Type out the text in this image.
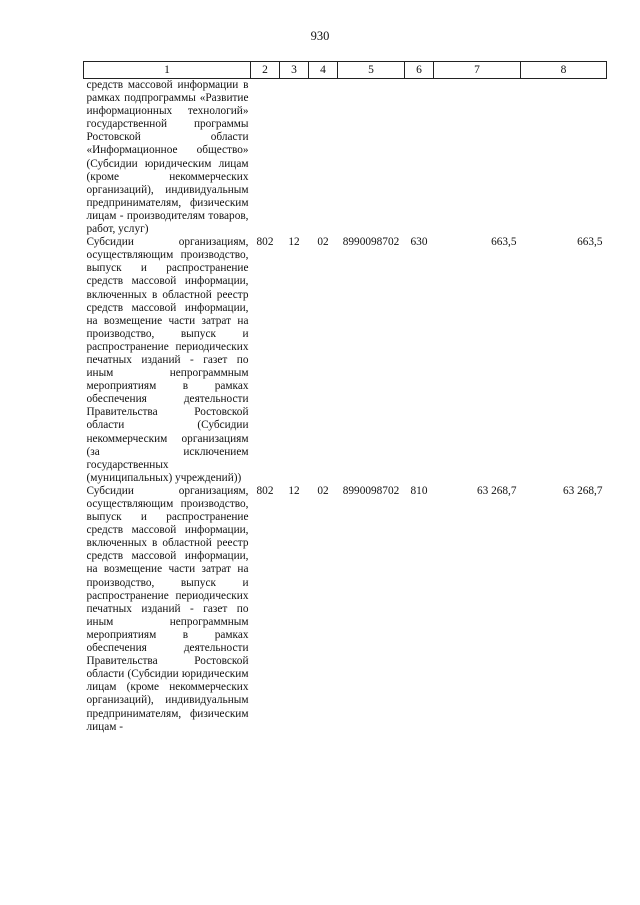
930
1	2	3	4	5	6	7	8
средств массовой информации в рамках подпрограммы «Развитие информационных технологий» государственной программы Ростовской области «Информационное общество» (Субсидии юридическим лицам (кроме некоммерческих организаций), индивидуальным предпринимателям, физическим лицам - производителям товаров, работ, услуг)							
Субсидии организациям, осуществляющим производство, выпуск и распространение средств массовой информации, включенных в областной реестр средств массовой информации, на возмещение части затрат на производство, выпуск и распространение периодических печатных изданий - газет по иным непрограммным мероприятиям в рамках обеспечения деятельности Правительства Ростовской области (Субсидии некоммерческим организациям (за исключением государственных (муниципальных) учреждений))	802	12	02	8990098702	630	663,5	663,5
Субсидии организациям, осуществляющим производство, выпуск и распространение средств массовой информации, включенных в областной реестр средств массовой информации, на возмещение части затрат на производство, выпуск и распространение периодических печатных изданий - газет по иным непрограммным мероприятиям в рамках обеспечения деятельности Правительства Ростовской области (Субсидии юридическим лицам (кроме некоммерческих организаций), индивидуальным предпринимателям, физическим лицам -	802	12	02	8990098702	810	63 268,7	63 268,7
